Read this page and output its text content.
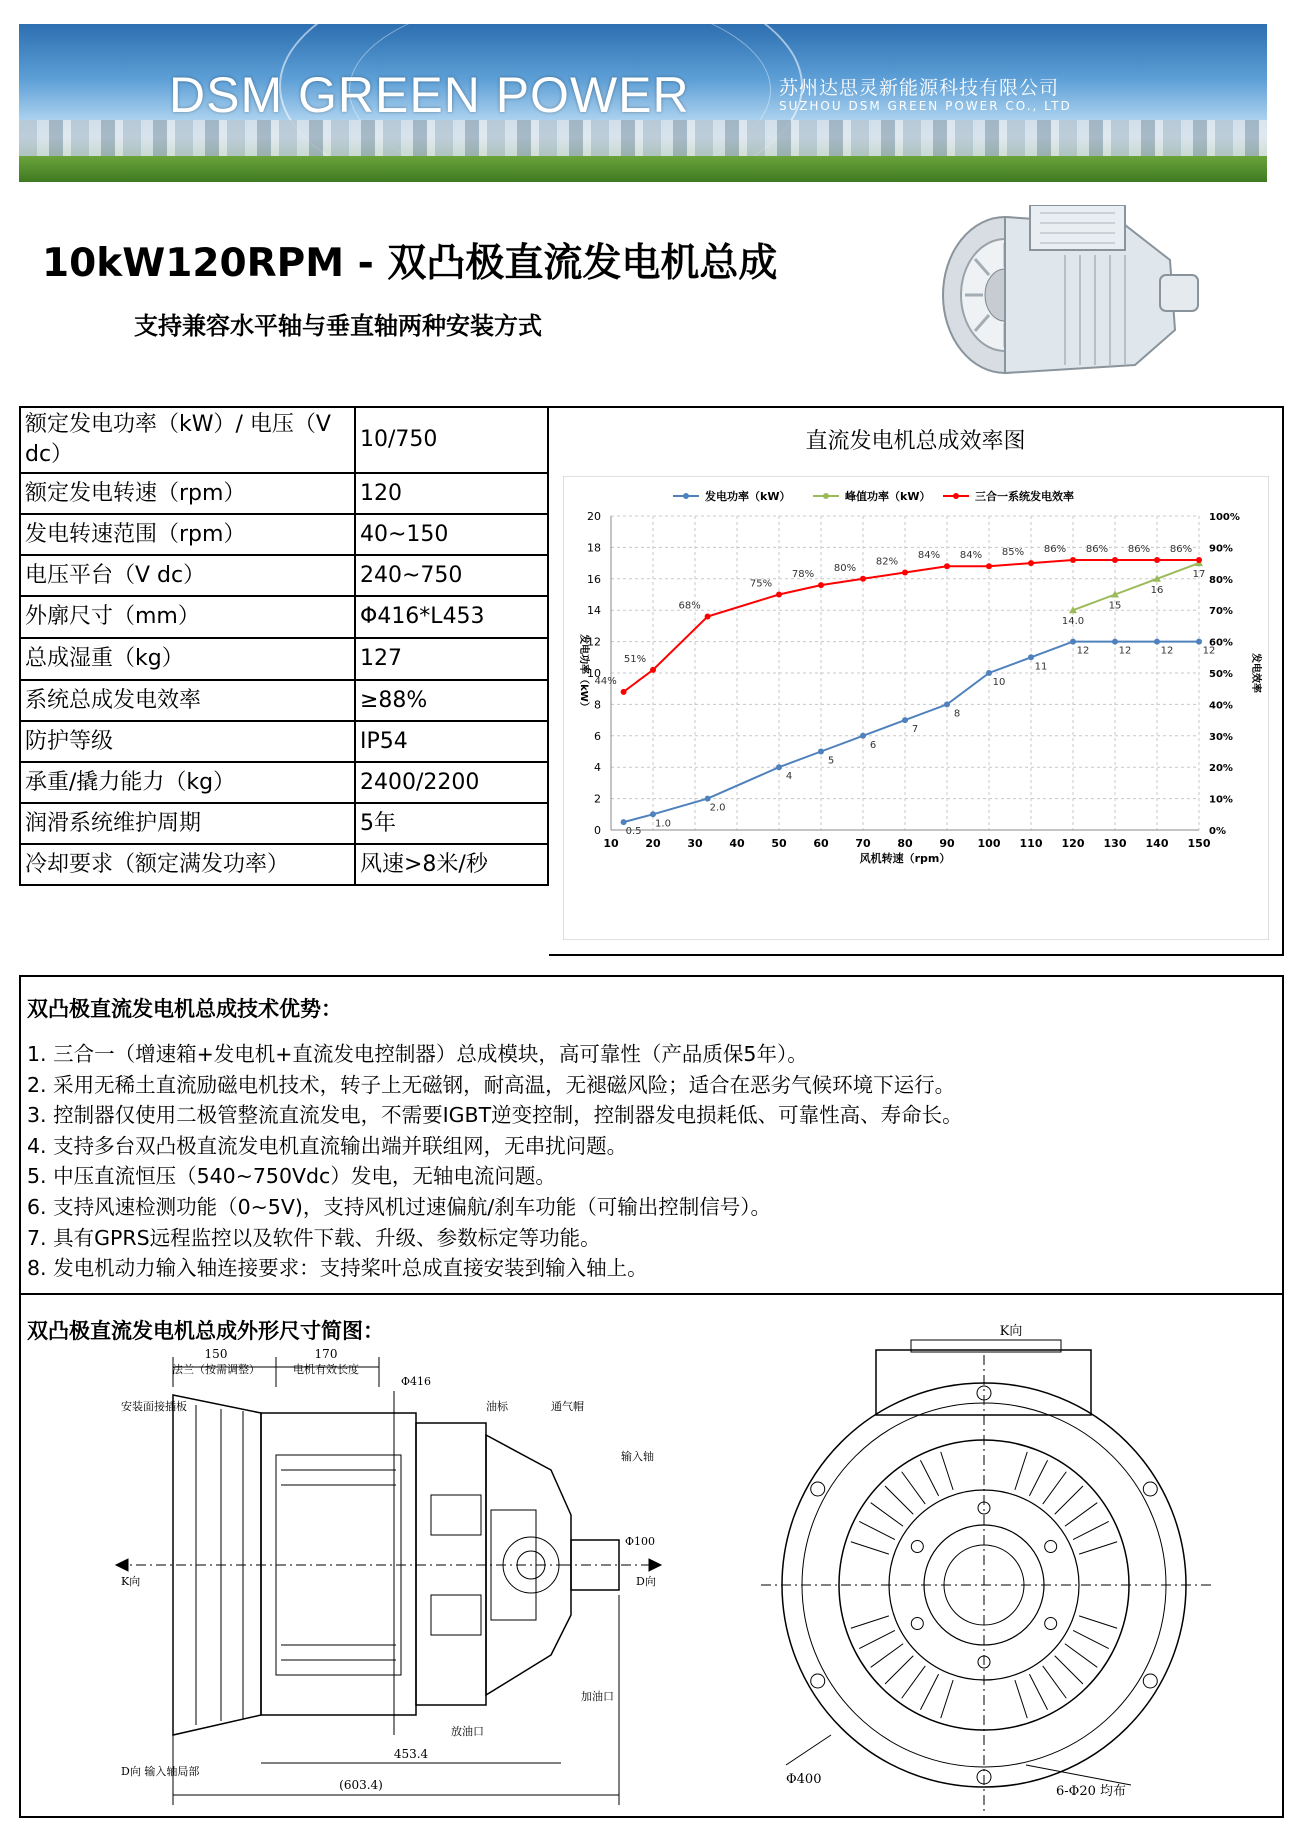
DSM GREEN POWER	苏州达思灵新能源科技有限公司
SUZHOU DSM GREEN POWER CO., LTD
10kW120RPM - 双凸极直流发电机总成
支持兼容水平轴与垂直轴两种安装方式
额定发电功率（kW）/ 电压（V dc）	10/750
额定发电转速（rpm）	120
发电转速范围（rpm）	40~150
电压平台（V dc）	240~750
外廓尺寸（mm）	Φ416*L453
总成湿重（kg）	127
系统总成发电效率	≥88%
防护等级	IP54
承重/撬力能力（kg）	2400/2200
润滑系统维护周期	5年
冷却要求（额定满发功率）	风速>8米/秒
直流发电机总成效率图
0	0%
2	10%
4	20%
6	30%
8	40%
10	50%
12	60%
14	70%
16	80%
18	90%
20	100%
10 20 30 40 50 60 70 80 90 100 110 120 130 140 150
风机转速（rpm）
发电功率（kW）	发电效率
发电功率（kW）	峰值功率（kW）	三合一系统发电效率
0.5
1.0
2.0
4
5
6
7
8
10
11
12	12	12	12
14.0
15
16
17
44%
51%
68%
75%
78%
80%
82%
84% 84% 85% 86% 86% 86% 86%
双凸极直流发电机总成技术优势：
1. 三合一（增速箱+发电机+直流发电控制器）总成模块，高可靠性（产品质保5年）。
2. 采用无稀土直流励磁电机技术，转子上无磁钢，耐高温，无褪磁风险；适合在恶劣气候环境下运行。
3. 控制器仅使用二极管整流直流发电，不需要IGBT逆变控制，控制器发电损耗低、可靠性高、寿命长。
4. 支持多台双凸极直流发电机直流输出端并联组网，无串扰问题。
5. 中压直流恒压（540~750Vdc）发电，无轴电流问题。
6. 支持风速检测功能（0~5V)，支持风机过速偏航/刹车功能（可输出控制信号）。
7. 具有GPRS远程监控以及软件下载、升级、参数标定等功能。
8. 发电机动力输入轴连接要求：支持桨叶总成直接安装到输入轴上。
双凸极直流发电机总成外形尺寸简图：
150
法兰（按需调整）
170
电机有效长度
Φ416
安装面接插板	通气帽
油标
输入轴
Φ100
K向	D向
加油口
放油口
453.4
(603.4)
D向 输入轴局部
K向
Φ400
6-Φ20 均布
